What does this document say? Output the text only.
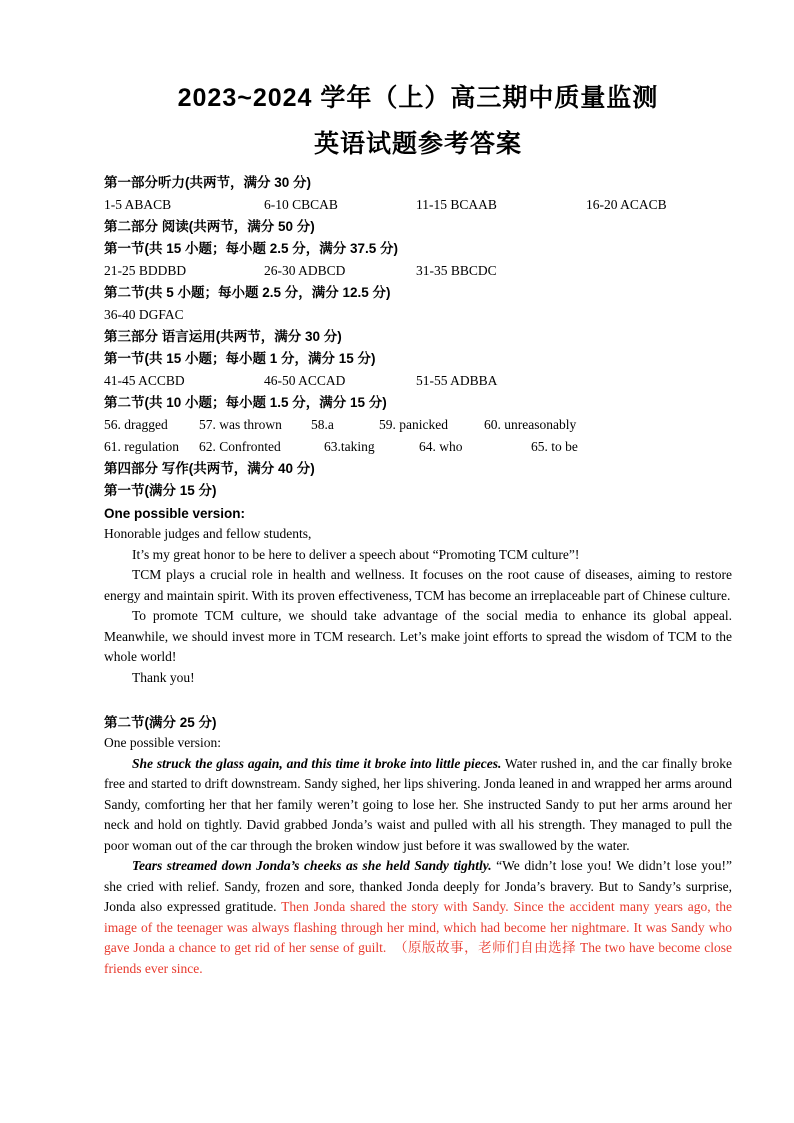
2023~2024 学年（上）高三期中质量监测
英语试题参考答案
第一部分听力(共两节，满分 30 分)
1-5 ABACB	6-10 CBCAB	11-15 BCAAB	16-20 ACACB
第二部分 阅读(共两节，满分 50 分)
第一节(共 15 小题；每小题 2.5 分，满分 37.5 分)
21-25 BDDBD	26-30 ADBCD	31-35 BBCDC
第二节(共 5 小题；每小题 2.5 分，满分 12.5 分)
36-40 DGFAC
第三部分 语言运用(共两节，满分 30 分)
第一节(共 15 小题；每小题 1 分，满分 15 分)
41-45 ACCBD	46-50 ACCAD	51-55 ADBBA
第二节(共 10 小题；每小题 1.5 分，满分 15 分)
56. dragged 57. was thrown 58.a	59. panicked	60. unreasonably
61. regulation 62. Confronted	63.taking	64. who	65. to be
第四部分 写作(共两节，满分 40 分)
第一节(满分 15 分)
One possible version:
Honorable judges and fellow students,
It’s my great honor to be here to deliver a speech about “Promoting TCM culture”!
TCM plays a crucial role in health and wellness. It focuses on the root cause of diseases, aiming to restore energy and maintain spirit. With its proven effectiveness, TCM has become an irreplaceable part of Chinese culture.
To promote TCM culture, we should take advantage of the social media to enhance its global appeal. Meanwhile, we should invest more in TCM research. Let’s make joint efforts to spread the wisdom of TCM to the whole world!
Thank you!
第二节(满分 25 分)
One possible version:
She struck the glass again, and this time it broke into little pieces. Water rushed in, and the car finally broke free and started to drift downstream. Sandy sighed, her lips shivering. Jonda leaned in and wrapped her arms around Sandy, comforting her that her family weren’t going to lose her. She instructed Sandy to put her arms around her neck and hold on tightly. David grabbed Jonda’s waist and pulled with all his strength. They managed to pull the poor woman out of the car through the broken window just before it was swallowed by the water.
Tears streamed down Jonda’s cheeks as she held Sandy tightly. “We didn’t lose you! We didn’t lose you!” she cried with relief. Sandy, frozen and sore, thanked Jonda deeply for Jonda’s bravery. But to Sandy’s surprise, Jonda also expressed gratitude. Then Jonda shared the story with Sandy. Since the accident many years ago, the image of the teenager was always flashing through her mind, which had become her nightmare. It was Sandy who gave Jonda a chance to get rid of her sense of guilt.　（原版故事，老师们自由选择 The two have become close friends ever since.
